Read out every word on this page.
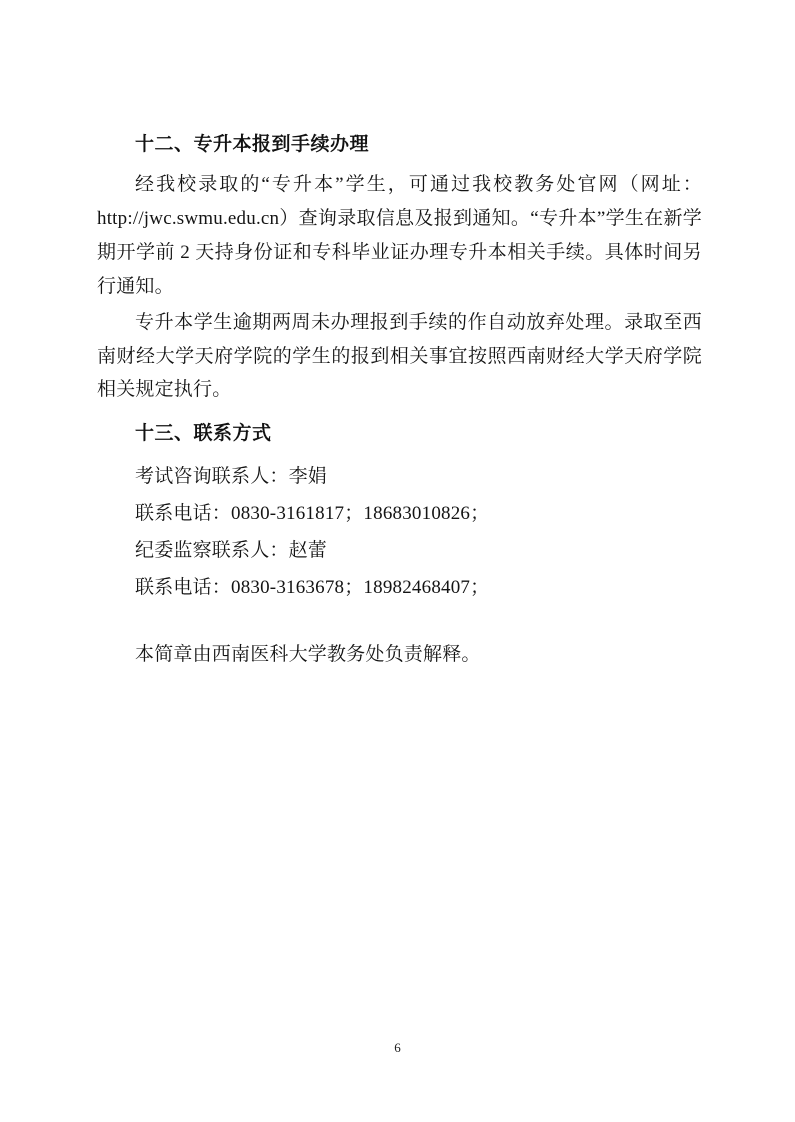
十二、专升本报到手续办理

经我校录取的“专升本”学生，可通过我校教务处官网（网址：http://jwc.swmu.edu.cn）查询录取信息及报到通知。“专升本”学生在新学期开学前 2 天持身份证和专科毕业证办理专升本相关手续。具体时间另行通知。

专升本学生逾期两周未办理报到手续的作自动放弃处理。录取至西南财经大学天府学院的学生的报到相关事宜按照西南财经大学天府学院相关规定执行。

十三、联系方式

考试咨询联系人：李娟

联系电话：0830-3161817；18683010826；

纪委监察联系人：赵蕾

联系电话：0830-3163678；18982468407；

本简章由西南医科大学教务处负责解释。

6
